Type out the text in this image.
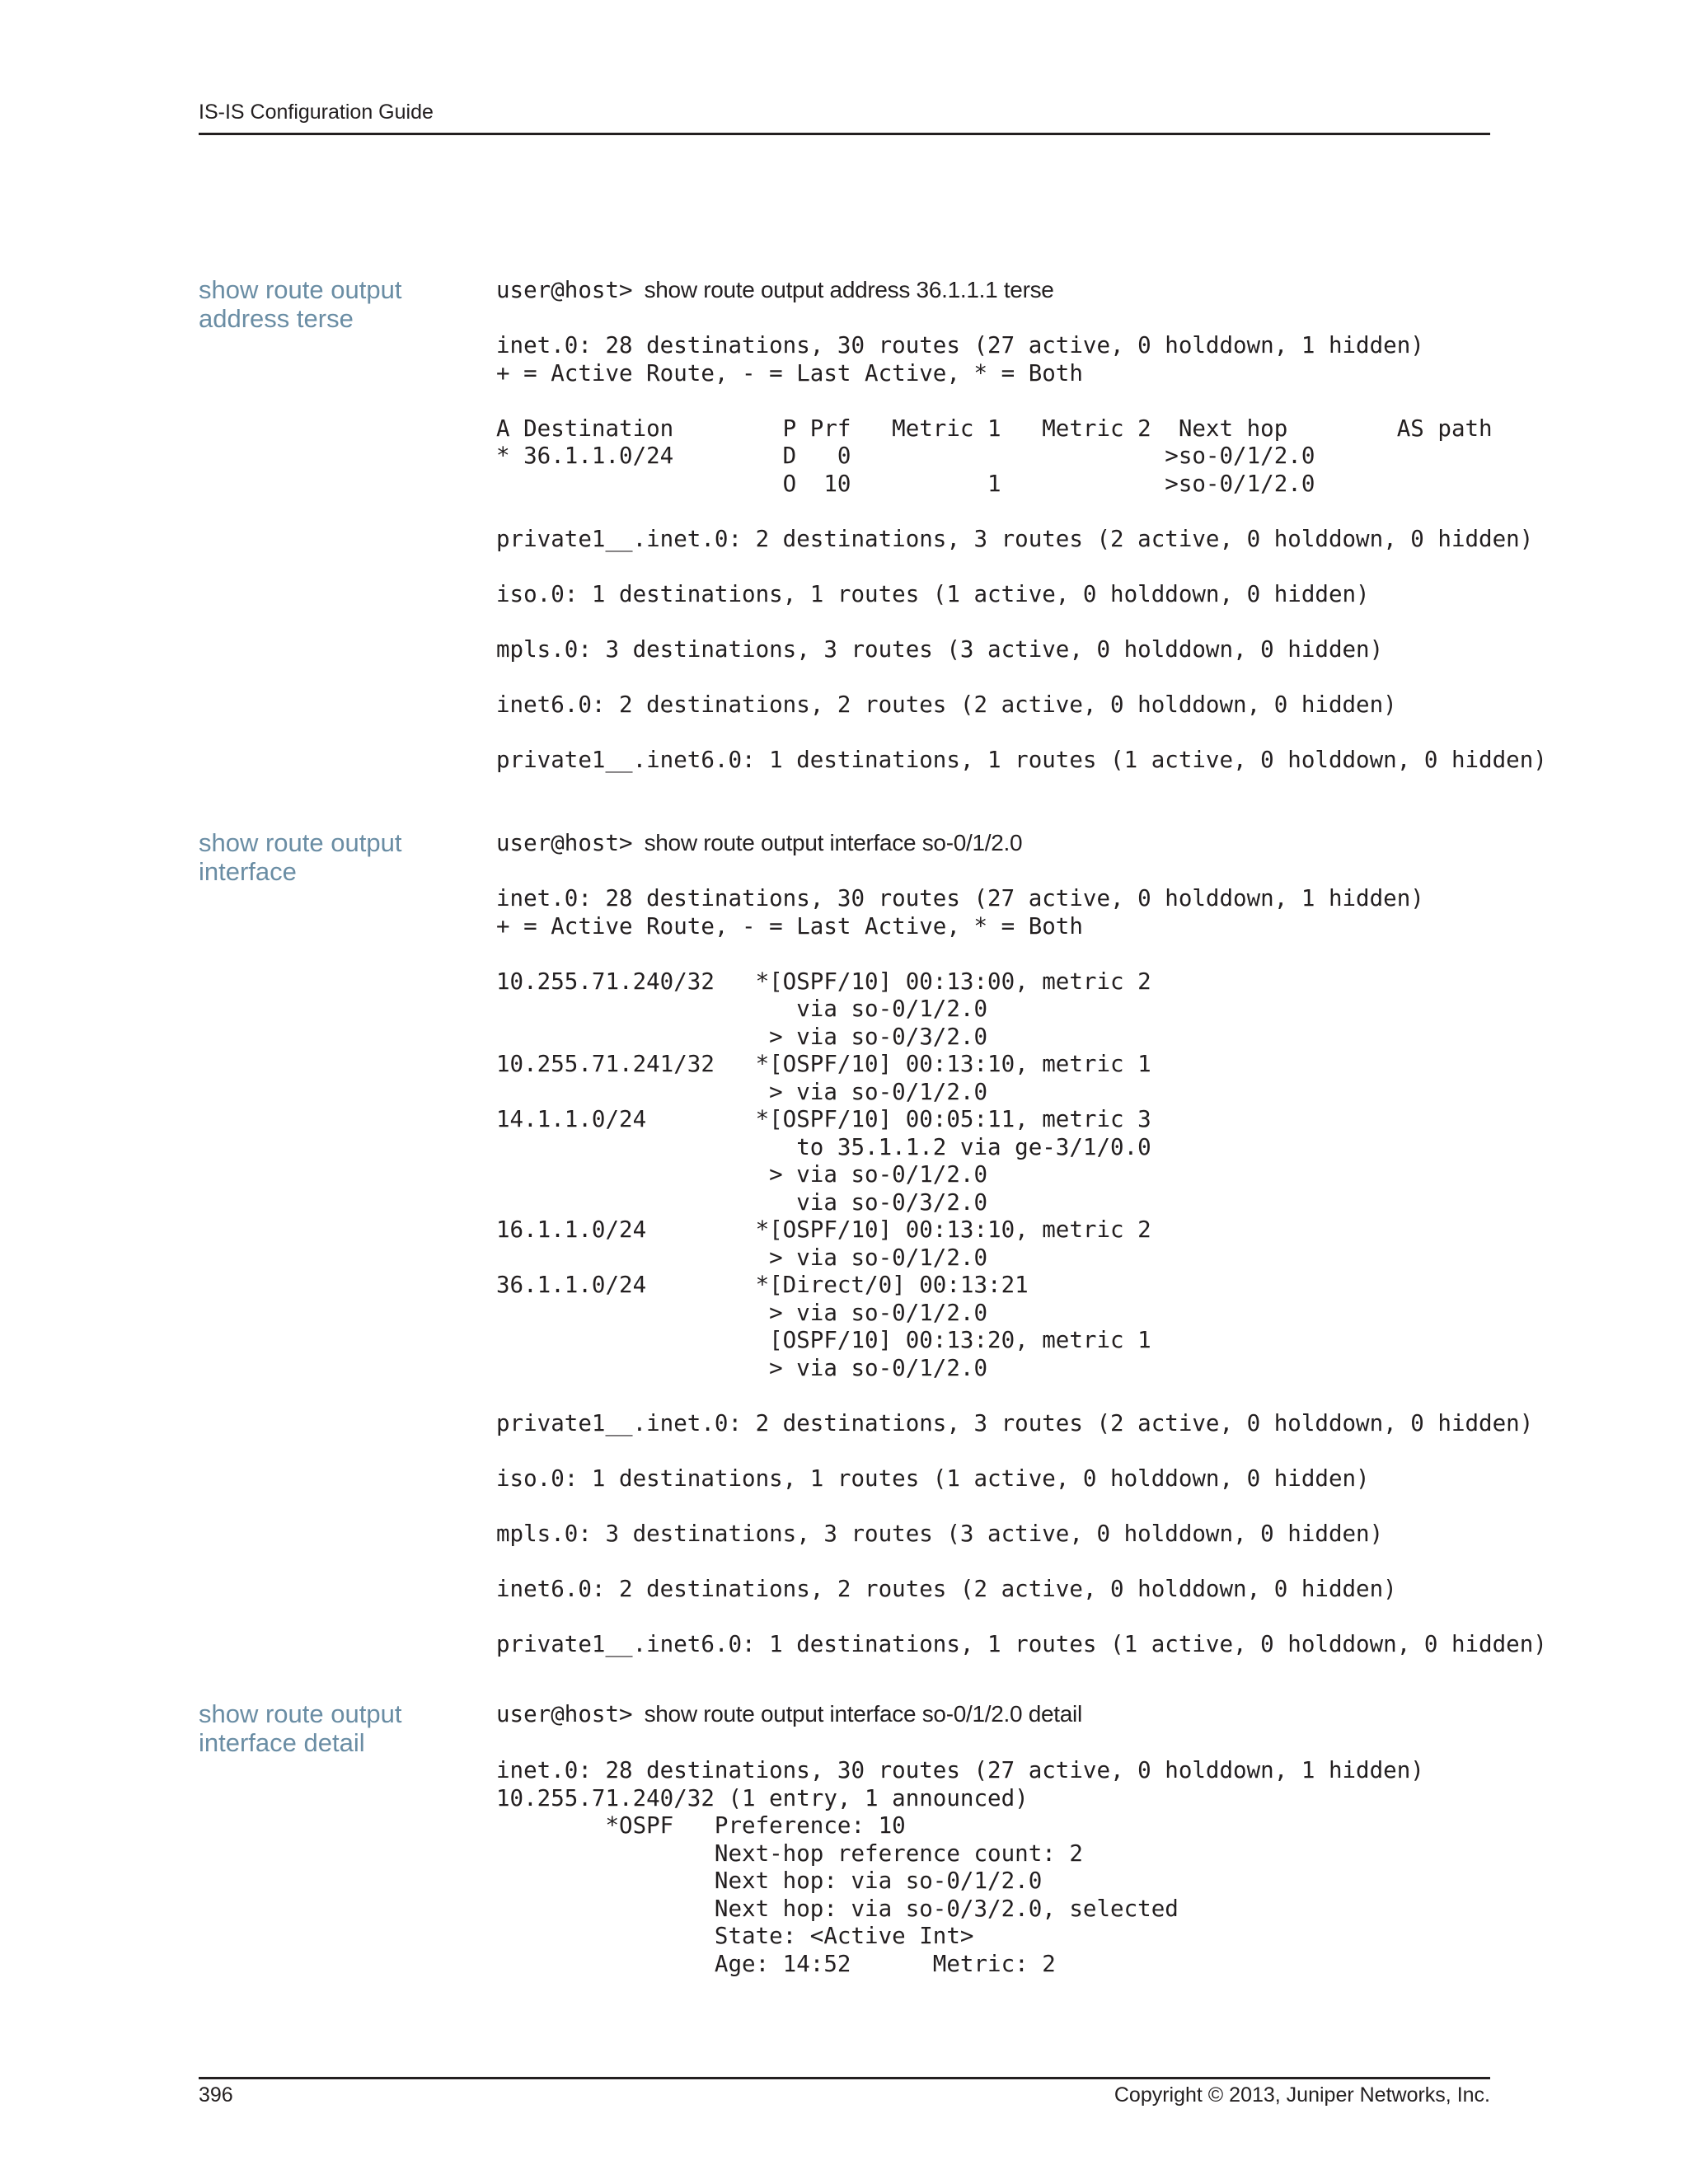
IS-IS Configuration Guide
show route output
address terse
user@host> show route output address 36.1.1.1 terse
inet.0: 28 destinations, 30 routes (27 active, 0 holddown, 1 hidden)
+ = Active Route, - = Last Active, * = Both
A Destination        P Prf   Metric 1   Metric 2  Next hop        AS path
* 36.1.1.0/24        D   0                       >so-0/1/2.0
O  10          1            >so-0/1/2.0
private1__.inet.0: 2 destinations, 3 routes (2 active, 0 holddown, 0 hidden)
iso.0: 1 destinations, 1 routes (1 active, 0 holddown, 0 hidden)
mpls.0: 3 destinations, 3 routes (3 active, 0 holddown, 0 hidden)
inet6.0: 2 destinations, 2 routes (2 active, 0 holddown, 0 hidden)
private1__.inet6.0: 1 destinations, 1 routes (1 active, 0 holddown, 0 hidden)
show route output
interface
user@host> show route output interface so-0/1/2.0
inet.0: 28 destinations, 30 routes (27 active, 0 holddown, 1 hidden)
+ = Active Route, - = Last Active, * = Both
10.255.71.240/32   *[OSPF/10] 00:13:00, metric 2
via so-0/1/2.0
> via so-0/3/2.0
10.255.71.241/32   *[OSPF/10] 00:13:10, metric 1
> via so-0/1/2.0
14.1.1.0/24        *[OSPF/10] 00:05:11, metric 3
to 35.1.1.2 via ge-3/1/0.0
> via so-0/1/2.0
via so-0/3/2.0
16.1.1.0/24        *[OSPF/10] 00:13:10, metric 2
> via so-0/1/2.0
36.1.1.0/24        *[Direct/0] 00:13:21
> via so-0/1/2.0
[OSPF/10] 00:13:20, metric 1
> via so-0/1/2.0
private1__.inet.0: 2 destinations, 3 routes (2 active, 0 holddown, 0 hidden)
iso.0: 1 destinations, 1 routes (1 active, 0 holddown, 0 hidden)
mpls.0: 3 destinations, 3 routes (3 active, 0 holddown, 0 hidden)
inet6.0: 2 destinations, 2 routes (2 active, 0 holddown, 0 hidden)
private1__.inet6.0: 1 destinations, 1 routes (1 active, 0 holddown, 0 hidden)
show route output
interface detail
user@host> show route output interface so-0/1/2.0 detail
inet.0: 28 destinations, 30 routes (27 active, 0 holddown, 1 hidden)
10.255.71.240/32 (1 entry, 1 announced)
*OSPF   Preference: 10
Next-hop reference count: 2
Next hop: via so-0/1/2.0
Next hop: via so-0/3/2.0, selected
State: <Active Int>
Age: 14:52      Metric: 2
396	Copyright © 2013, Juniper Networks, Inc.
